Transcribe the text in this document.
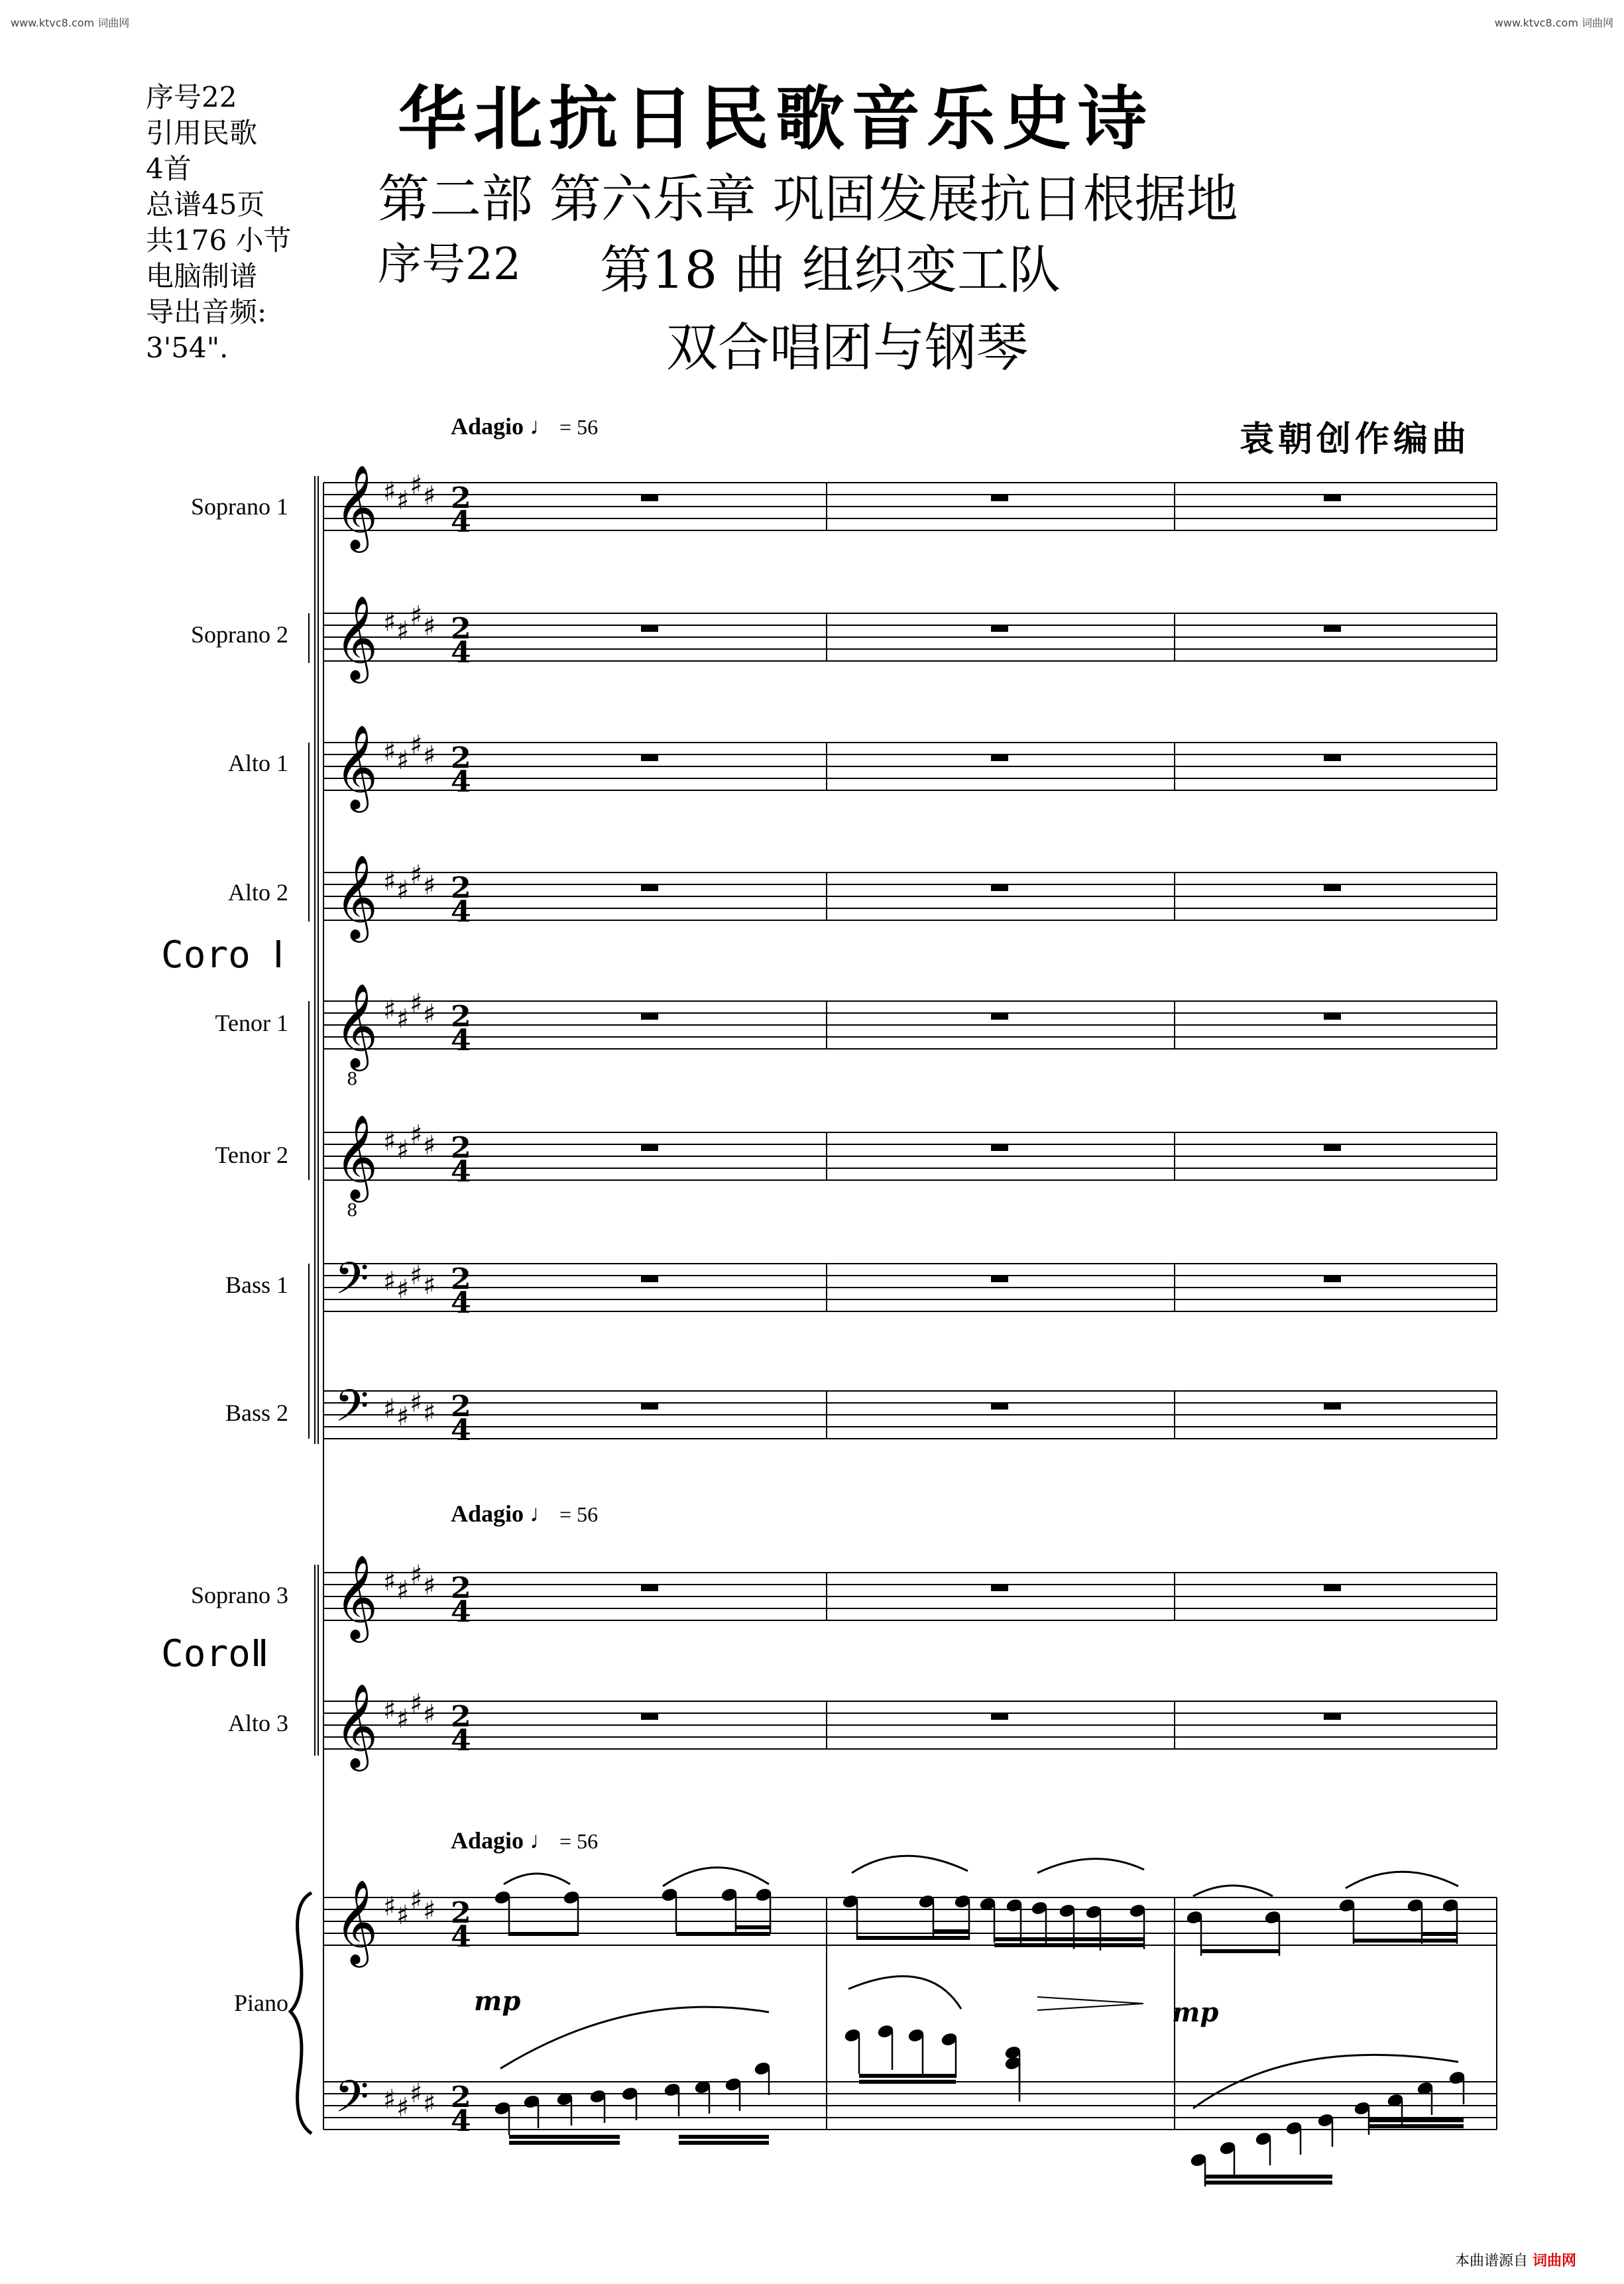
www.ktvc8.com 词曲网	www.ktvc8.com 词曲网
序号22
引用民歌
4首
总谱45页
共176 小节
电脑制谱
导出音频:
3'54".
华北抗日民歌音乐史诗
第二部 第六乐章 巩固发展抗日根据地
序号22 第18 曲 组织变工队
双合唱团与钢琴
袁朝创作编曲
Adagio ♩ = 56
Adagio ♩ = 56
Adagio ♩ = 56
Soprano 1
Soprano 2
Alto 1
Alto 2
Tenor 1
Tenor 2
Bass 1
Bass 2
Soprano 3
Alto 3
Piano
Coro Ⅰ
CoroⅡ
𝄞 ♯ ♯ ♯ ♯ 2
4
𝄞 ♯ ♯ ♯ ♯ 2
4
𝄞 ♯ ♯ ♯ ♯ 2
4
𝄞 ♯ ♯ ♯ ♯ 2
4
𝄞
8
♯ ♯ ♯ ♯ 2
4
𝄞
8
♯ ♯ ♯ ♯ 2
4
𝄢 ♯ ♯ ♯ ♯ 2
4
𝄢 ♯ ♯ ♯ ♯ 2
4
𝄞 ♯ ♯ ♯ ♯ 2
4
𝄞 ♯ ♯ ♯ ♯ 2
4
𝄞 ♯ ♯ ♯ ♯ 2
4
𝄢 ♯ ♯ ♯ ♯ 2
4
mp	mp
本曲谱源自 词曲网
